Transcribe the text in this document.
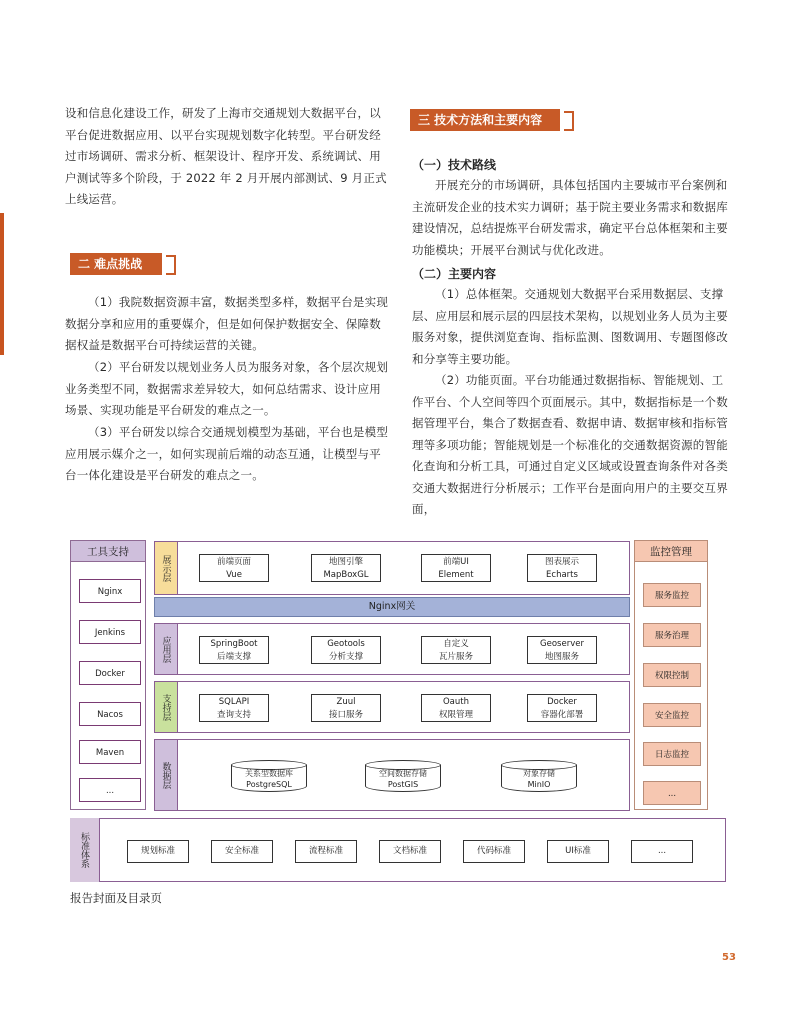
设和信息化建设工作，研发了上海市交通规划大数据平台，以平台促进数据应用、以平台实现规划数字化转型。平台研发经过市场调研、需求分析、框架设计、程序开发、系统调试、用户测试等多个阶段，于 2022 年 2 月开展内部测试、9 月正式上线运营。

二 难点挑战

（1）我院数据资源丰富，数据类型多样，数据平台是实现数据分享和应用的重要媒介，但是如何保护数据安全、保障数据权益是数据平台可持续运营的关键。

（2）平台研发以规划业务人员为服务对象，各个层次规划业务类型不同，数据需求差异较大，如何总结需求、设计应用场景、实现功能是平台研发的难点之一。

（3）平台研发以综合交通规划模型为基础，平台也是模型应用展示媒介之一，如何实现前后端的动态互通，让模型与平台一体化建设是平台研发的难点之一。

三 技术方法和主要内容
（一）技术路线

开展充分的市场调研，具体包括国内主要城市平台案例和主流研发企业的技术实力调研；基于院主要业务需求和数据库建设情况，总结提炼平台研发需求，确定平台总体框架和主要功能模块；开展平台测试与优化改进。

（二）主要内容

（1）总体框架。交通规划大数据平台采用数据层、支撑层、应用层和展示层的四层技术架构，以规划业务人员为主要服务对象，提供浏览查询、指标监测、图数调用、专题图修改和分享等主要功能。

（2）功能页面。平台功能通过数据指标、智能规划、工作平台、个人空间等四个页面展示。其中，数据指标是一个数据管理平台，集合了数据查看、数据申请、数据审核和指标管理等多项功能；智能规划是一个标准化的交通数据资源的智能化查询和分析工具，可通过自定义区域或设置查询条件对各类交通大数据进行分析展示；工作平台是面向用户的主要交互界面，

工具支持
Nginx
Jenkins
Docker
Nacos
Maven
...
监控管理
服务监控
服务治理
权限控制
安全监控
日志监控
...
展示层	前端页面
Vue
地图引擎
MapBoxGL
前端UI
Element
图表展示
Echarts
Nginx网关
应用层	SpringBoot
后端支撑
Geotools
分析支撑
自定义
瓦片服务
Geoserver
地图服务
支持层	SQLAPI
查询支持
Zuul
接口服务
Oauth
权限管理
Docker
容器化部署
数据层	关系型数据库
PostgreSQL
空间数据存储
PostGIS
对象存储
MinIO
标准体系	规划标准	安全标准	流程标准	文档标准	代码标准	UI标准	...
报告封面及目录页
53
